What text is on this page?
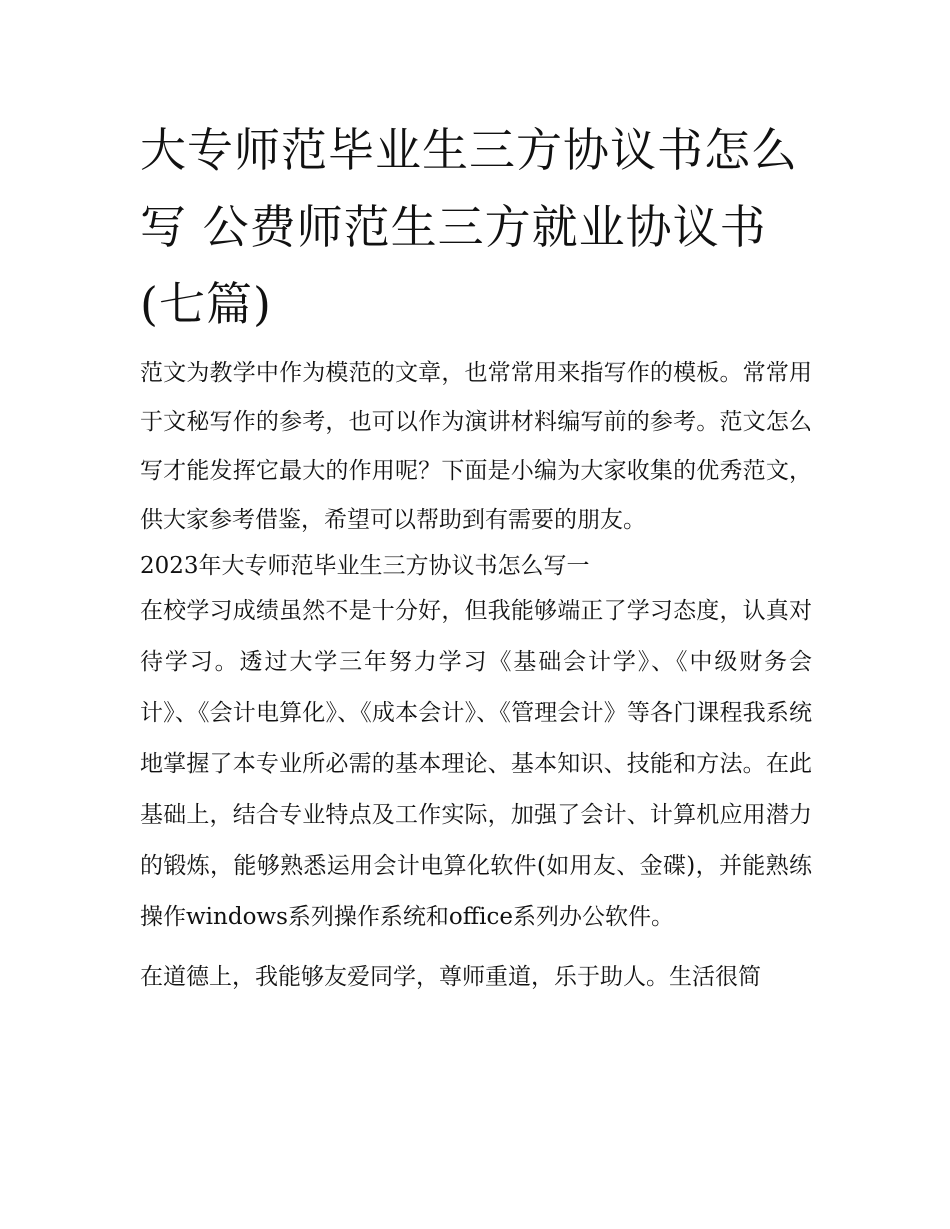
大专师范毕业生三方协议书怎么写 公费师范生三方就业协议书(七篇)

范文为教学中作为模范的文章，也常常用来指写作的模板。常常用于文秘写作的参考，也可以作为演讲材料编写前的参考。范文怎么写才能发挥它最大的作用呢？下面是小编为大家收集的优秀范文，供大家参考借鉴，希望可以帮助到有需要的朋友。

2023年大专师范毕业生三方协议书怎么写一

在校学习成绩虽然不是十分好，但我能够端正了学习态度，认真对待学习。透过大学三年努力学习《基础会计学》、《中级财务会计》、《会计电算化》、《成本会计》、《管理会计》等各门课程我系统地掌握了本专业所必需的基本理论、基本知识、技能和方法。在此基础上，结合专业特点及工作实际，加强了会计、计算机应用潜力的锻炼，能够熟悉运用会计电算化软件(如用友、金碟)，并能熟练操作windows系列操作系统和office系列办公软件。

在道德上，我能够友爱同学，尊师重道，乐于助人。生活很简
